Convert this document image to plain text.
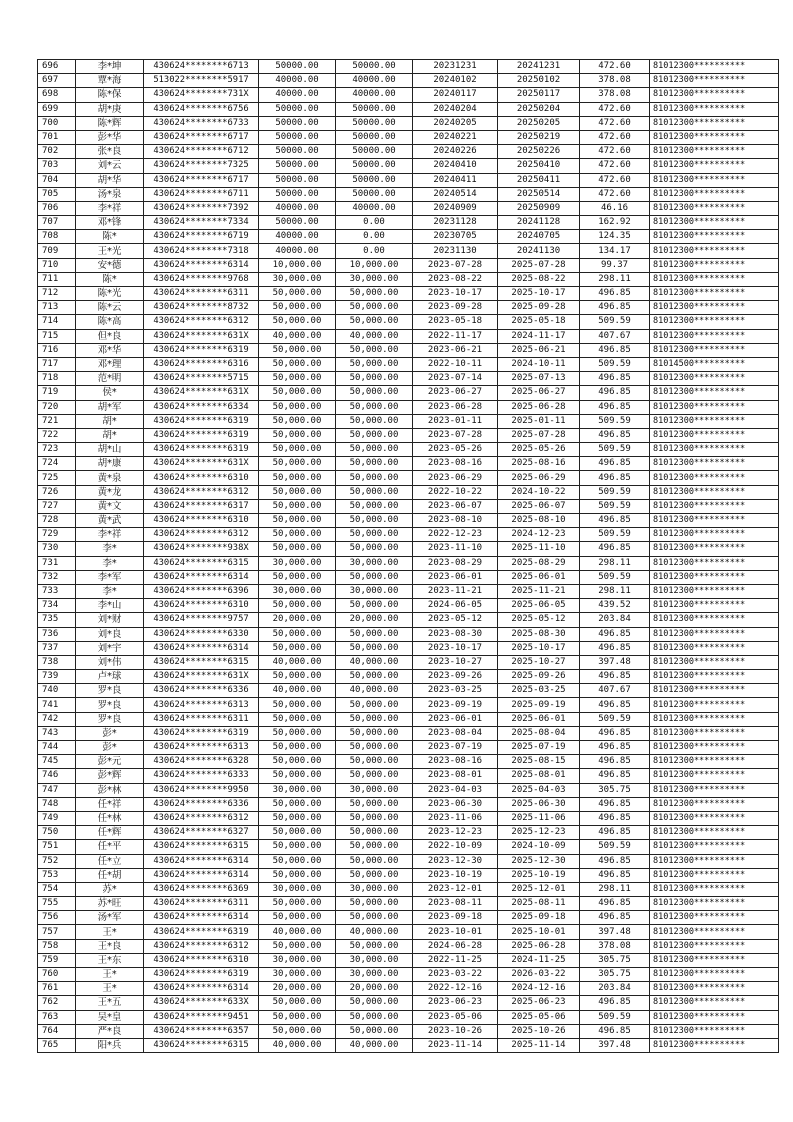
696	李*坤	430624********6713	50000.00	50000.00	20231231	20241231	472.60	81012300**********
697	覃*海	513022********5917	40000.00	40000.00	20240102	20250102	378.08	81012300**********
698	陈*保	430624********731X	40000.00	40000.00	20240117	20250117	378.08	81012300**********
699	胡*庚	430624********6756	50000.00	50000.00	20240204	20250204	472.60	81012300**********
700	陈*辉	430624********6733	50000.00	50000.00	20240205	20250205	472.60	81012300**********
701	彭*华	430624********6717	50000.00	50000.00	20240221	20250219	472.60	81012300**********
702	张*良	430624********6712	50000.00	50000.00	20240226	20250226	472.60	81012300**********
703	刘*云	430624********7325	50000.00	50000.00	20240410	20250410	472.60	81012300**********
704	胡*华	430624********6717	50000.00	50000.00	20240411	20250411	472.60	81012300**********
705	汤*泉	430624********6711	50000.00	50000.00	20240514	20250514	472.60	81012300**********
706	李*祥	430624********7392	40000.00	40000.00	20240909	20250909	46.16	81012300**********
707	邓*锋	430624********7334	50000.00	0.00	20231128	20241128	162.92	81012300**********
708	陈*	430624********6719	40000.00	0.00	20230705	20240705	124.35	81012300**********
709	王*光	430624********7318	40000.00	0.00	20231130	20241130	134.17	81012300**********
710	安*德	430624********6314	10,000.00	10,000.00	2023-07-28	2025-07-28	99.37	81012300**********
711	陈*	430624********9768	30,000.00	30,000.00	2023-08-22	2025-08-22	298.11	81012300**********
712	陈*光	430624********6311	50,000.00	50,000.00	2023-10-17	2025-10-17	496.85	81012300**********
713	陈*云	430624********8732	50,000.00	50,000.00	2023-09-28	2025-09-28	496.85	81012300**********
714	陈*高	430624********6312	50,000.00	50,000.00	2023-05-18	2025-05-18	509.59	81012300**********
715	但*良	430624********631X	40,000.00	40,000.00	2022-11-17	2024-11-17	407.67	81012300**********
716	邓*华	430624********6319	50,000.00	50,000.00	2023-06-21	2025-06-21	496.85	81012300**********
717	邓*理	430624********6316	50,000.00	50,000.00	2022-10-11	2024-10-11	509.59	81014500**********
718	范*明	430624********5715	50,000.00	50,000.00	2023-07-14	2025-07-13	496.85	81012300**********
719	侯*	430624********631X	50,000.00	50,000.00	2023-06-27	2025-06-27	496.85	81012300**********
720	胡*军	430624********6334	50,000.00	50,000.00	2023-06-28	2025-06-28	496.85	81012300**********
721	胡*	430624********6319	50,000.00	50,000.00	2023-01-11	2025-01-11	509.59	81012300**********
722	胡*	430624********6319	50,000.00	50,000.00	2023-07-28	2025-07-28	496.85	81012300**********
723	胡*山	430624********6319	50,000.00	50,000.00	2023-05-26	2025-05-26	509.59	81012300**********
724	胡*康	430624********631X	50,000.00	50,000.00	2023-08-16	2025-08-16	496.85	81012300**********
725	黄*泉	430624********6310	50,000.00	50,000.00	2023-06-29	2025-06-29	496.85	81012300**********
726	黄*龙	430624********6312	50,000.00	50,000.00	2022-10-22	2024-10-22	509.59	81012300**********
727	黄*文	430624********6317	50,000.00	50,000.00	2023-06-07	2025-06-07	509.59	81012300**********
728	黄*武	430624********6310	50,000.00	50,000.00	2023-08-10	2025-08-10	496.85	81012300**********
729	李*祥	430624********6312	50,000.00	50,000.00	2022-12-23	2024-12-23	509.59	81012300**********
730	李*	430624********938X	50,000.00	50,000.00	2023-11-10	2025-11-10	496.85	81012300**********
731	李*	430624********6315	30,000.00	30,000.00	2023-08-29	2025-08-29	298.11	81012300**********
732	李*军	430624********6314	50,000.00	50,000.00	2023-06-01	2025-06-01	509.59	81012300**********
733	李*	430624********6396	30,000.00	30,000.00	2023-11-21	2025-11-21	298.11	81012300**********
734	李*山	430624********6310	50,000.00	50,000.00	2024-06-05	2025-06-05	439.52	81012300**********
735	刘*财	430624********9757	20,000.00	20,000.00	2023-05-12	2025-05-12	203.84	81012300**********
736	刘*良	430624********6330	50,000.00	50,000.00	2023-08-30	2025-08-30	496.85	81012300**********
737	刘*宇	430624********6314	50,000.00	50,000.00	2023-10-17	2025-10-17	496.85	81012300**********
738	刘*伟	430624********6315	40,000.00	40,000.00	2023-10-27	2025-10-27	397.48	81012300**********
739	卢*球	430624********631X	50,000.00	50,000.00	2023-09-26	2025-09-26	496.85	81012300**********
740	罗*良	430624********6336	40,000.00	40,000.00	2023-03-25	2025-03-25	407.67	81012300**********
741	罗*良	430624********6313	50,000.00	50,000.00	2023-09-19	2025-09-19	496.85	81012300**********
742	罗*良	430624********6311	50,000.00	50,000.00	2023-06-01	2025-06-01	509.59	81012300**********
743	彭*	430624********6319	50,000.00	50,000.00	2023-08-04	2025-08-04	496.85	81012300**********
744	彭*	430624********6313	50,000.00	50,000.00	2023-07-19	2025-07-19	496.85	81012300**********
745	彭*元	430624********6328	50,000.00	50,000.00	2023-08-16	2025-08-15	496.85	81012300**********
746	彭*辉	430624********6333	50,000.00	50,000.00	2023-08-01	2025-08-01	496.85	81012300**********
747	彭*林	430624********9950	30,000.00	30,000.00	2023-04-03	2025-04-03	305.75	81012300**********
748	任*祥	430624********6336	50,000.00	50,000.00	2023-06-30	2025-06-30	496.85	81012300**********
749	任*林	430624********6312	50,000.00	50,000.00	2023-11-06	2025-11-06	496.85	81012300**********
750	任*辉	430624********6327	50,000.00	50,000.00	2023-12-23	2025-12-23	496.85	81012300**********
751	任*平	430624********6315	50,000.00	50,000.00	2022-10-09	2024-10-09	509.59	81012300**********
752	任*立	430624********6314	50,000.00	50,000.00	2023-12-30	2025-12-30	496.85	81012300**********
753	任*胡	430624********6314	50,000.00	50,000.00	2023-10-19	2025-10-19	496.85	81012300**********
754	苏*	430624********6369	30,000.00	30,000.00	2023-12-01	2025-12-01	298.11	81012300**********
755	苏*旺	430624********6311	50,000.00	50,000.00	2023-08-11	2025-08-11	496.85	81012300**********
756	汤*军	430624********6314	50,000.00	50,000.00	2023-09-18	2025-09-18	496.85	81012300**********
757	王*	430624********6319	40,000.00	40,000.00	2023-10-01	2025-10-01	397.48	81012300**********
758	王*良	430624********6312	50,000.00	50,000.00	2024-06-28	2025-06-28	378.08	81012300**********
759	王*东	430624********6310	30,000.00	30,000.00	2022-11-25	2024-11-25	305.75	81012300**********
760	王*	430624********6319	30,000.00	30,000.00	2023-03-22	2026-03-22	305.75	81012300**********
761	王*	430624********6314	20,000.00	20,000.00	2022-12-16	2024-12-16	203.84	81012300**********
762	王*五	430624********633X	50,000.00	50,000.00	2023-06-23	2025-06-23	496.85	81012300**********
763	吴*皇	430624********9451	50,000.00	50,000.00	2023-05-06	2025-05-06	509.59	81012300**********
764	严*良	430624********6357	50,000.00	50,000.00	2023-10-26	2025-10-26	496.85	81012300**********
765	阳*兵	430624********6315	40,000.00	40,000.00	2023-11-14	2025-11-14	397.48	81012300**********
